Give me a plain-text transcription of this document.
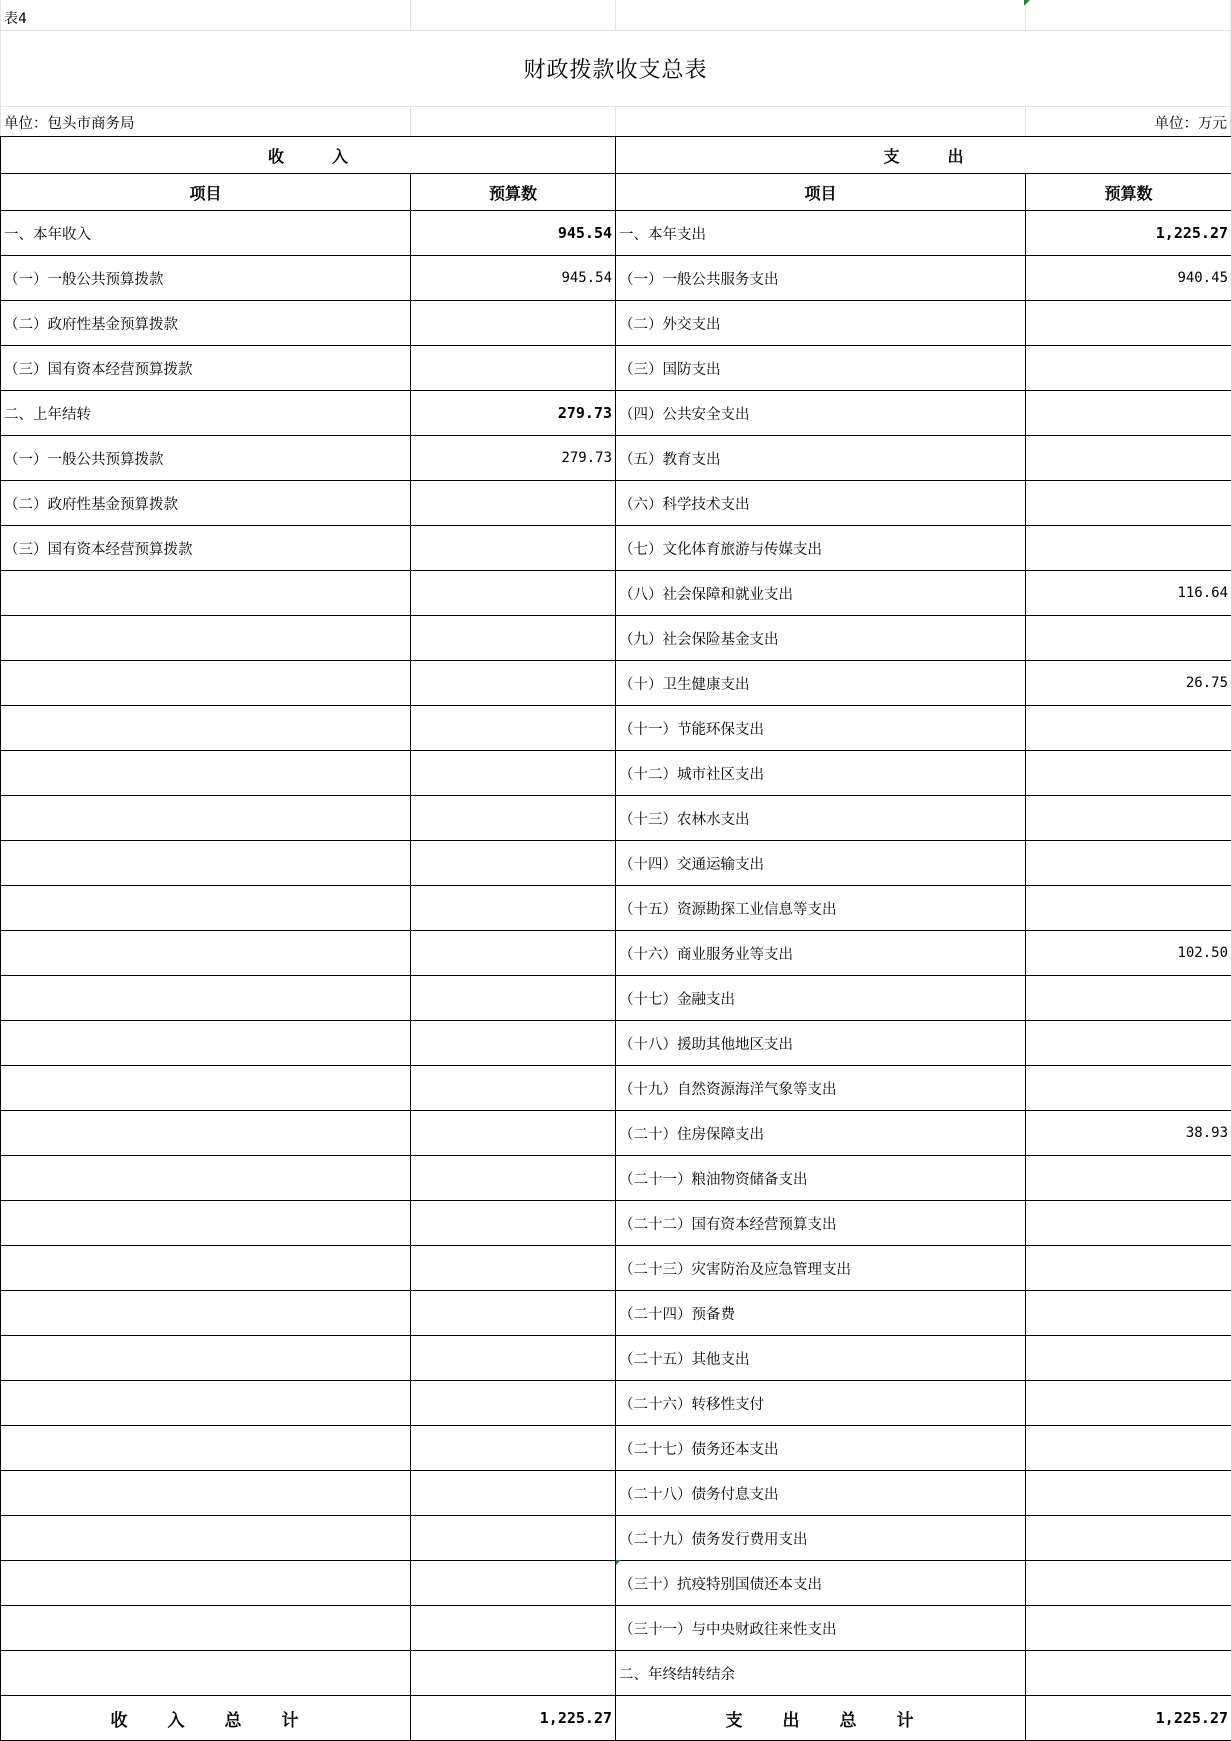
表4
财政拨款收支总表
单位：包头市商务局	单位：万元
收　　　入		支　　　出	
项目	预算数	项目	预算数
一、本年收入	945.54	一、本年支出	1,225.27
（一）一般公共预算拨款	945.54	（一）一般公共服务支出	940.45
（二）政府性基金预算拨款		（二）外交支出	
（三）国有资本经营预算拨款		（三）国防支出	
二、上年结转	279.73	（四）公共安全支出	
（一）一般公共预算拨款	279.73	（五）教育支出	
（二）政府性基金预算拨款		（六）科学技术支出	
（三）国有资本经营预算拨款		（七）文化体育旅游与传媒支出	
		（八）社会保障和就业支出	116.64
		（九）社会保险基金支出	
		（十）卫生健康支出	26.75
		（十一）节能环保支出	
		（十二）城市社区支出	
		（十三）农林水支出	
		（十四）交通运输支出	
		（十五）资源勘探工业信息等支出	
		（十六）商业服务业等支出	102.50
		（十七）金融支出	
		（十八）援助其他地区支出	
		（十九）自然资源海洋气象等支出	
		（二十）住房保障支出	38.93
		（二十一）粮油物资储备支出	
		（二十二）国有资本经营预算支出	
		（二十三）灾害防治及应急管理支出	
		（二十四）预备费	
		（二十五）其他支出	
		（二十六）转移性支付	
		（二十七）债务还本支出	
		（二十八）债务付息支出	
		（二十九）债务发行费用支出	
		（三十）抗疫特别国债还本支出	
		（三十一）与中央财政往来性支出	
		二、年终结转结余	
收　　入　　总　　计	1,225.27	支　　出　　总　　计	1,225.27
